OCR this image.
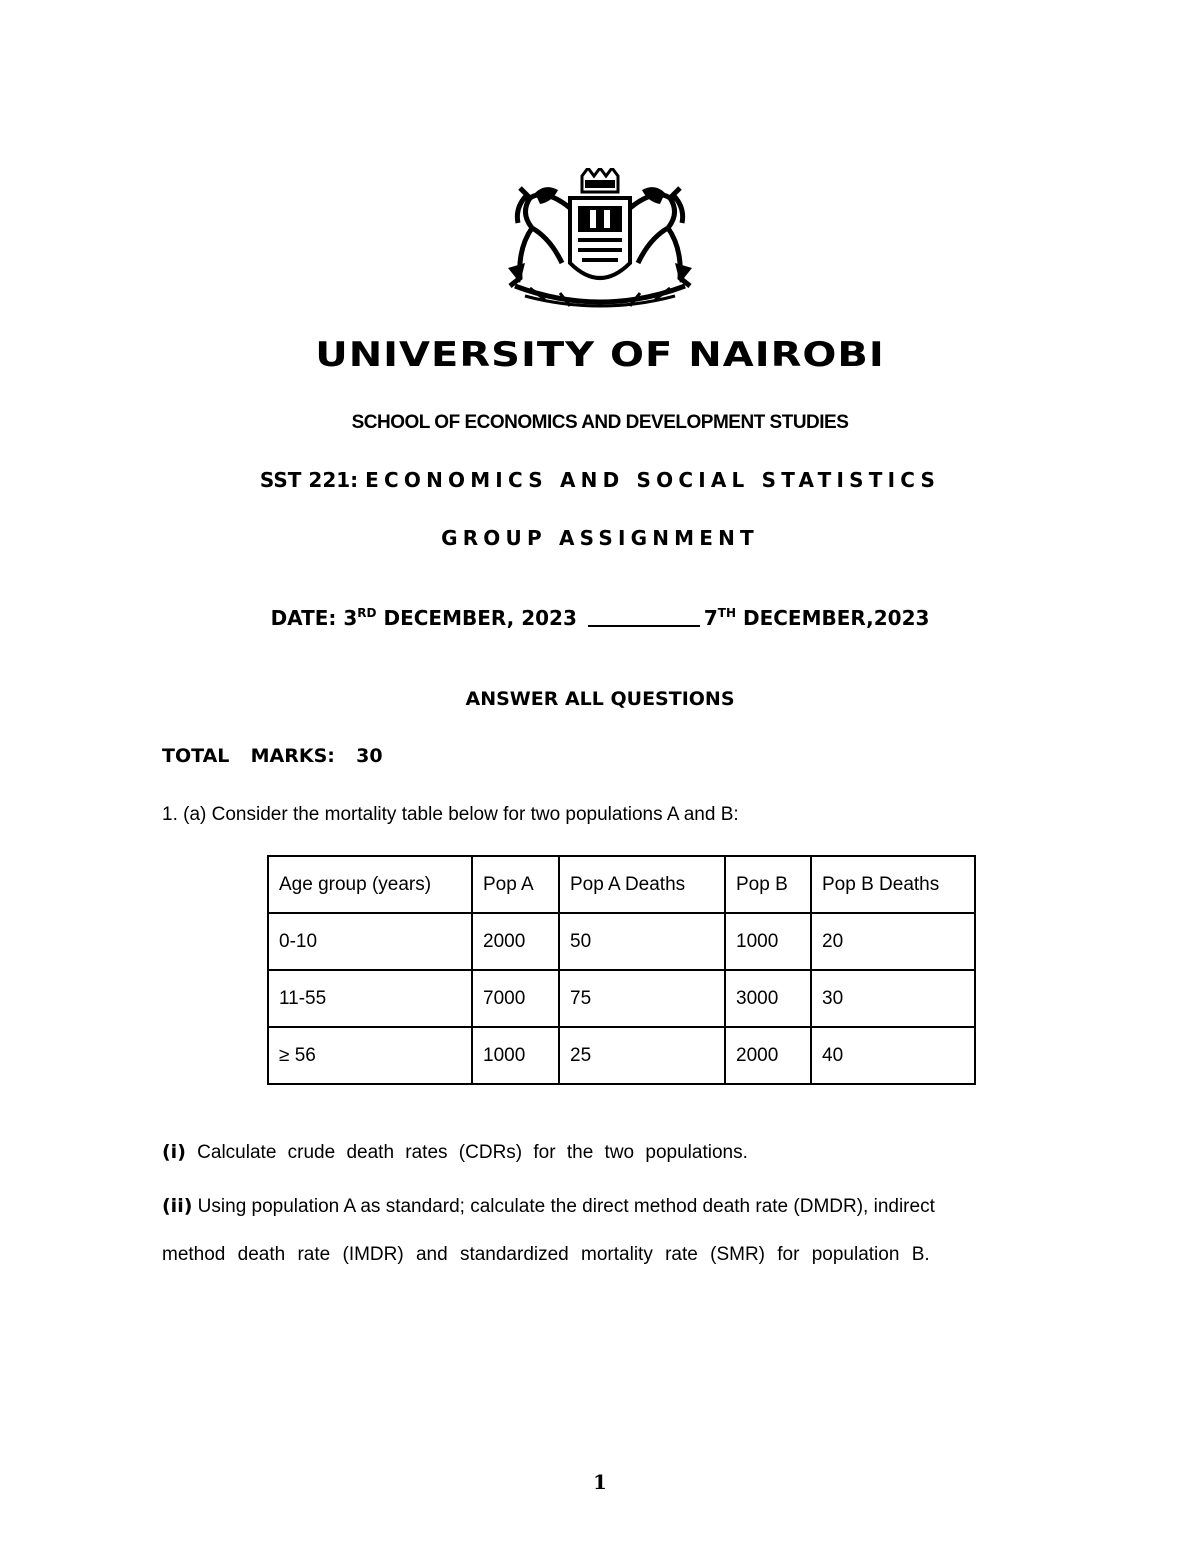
UNIVERSITY OF NAIROBI
SCHOOL OF ECONOMICS AND DEVELOPMENT STUDIES
SST 221: ECONOMICS AND SOCIAL STATISTICS
GROUP ASSIGNMENT
DATE: 3RD DECEMBER, 2023	7TH DECEMBER,2023
ANSWER ALL QUESTIONS
TOTAL  MARKS:  30
1. (a) Consider the mortality table below for two populations A and B:
Age group (years)	Pop A	Pop A Deaths	Pop B	Pop B Deaths
0-10	2000	50	1000	20
11-55	7000	75	3000	30
≥ 56	1000	25	2000	40
(i) Calculate crude death rates (CDRs) for the two populations.
(ii) Using population A as standard; calculate the direct method death rate (DMDR), indirect
method death rate (IMDR) and standardized mortality rate (SMR) for population B.
1
